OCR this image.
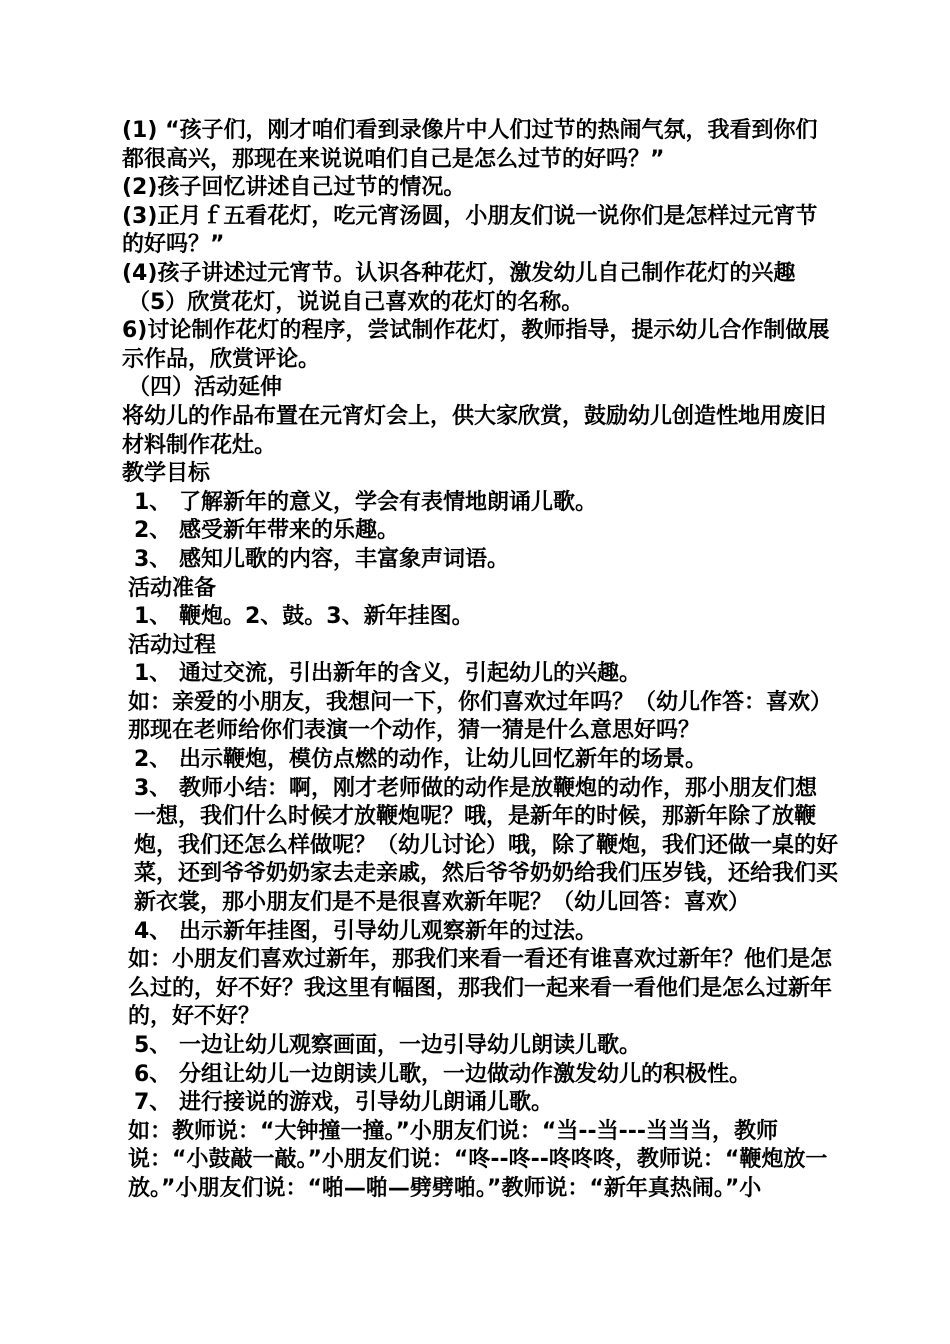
(1) “孩子们，刚才咱们看到录像片中人们过节的热闹气氛，我看到你们都很高兴，那现在来说说咱们自己是怎么过节的好吗？”

(2)孩子回忆讲述自己过节的情况。

(3)正月ｆ五看花灯，吃元宵汤圆，小朋友们说一说你们是怎样过元宵节的好吗？”

(4)孩子讲述过元宵节。认识各种花灯，激发幼儿自己制作花灯的兴趣

（5）欣赏花灯，说说自己喜欢的花灯的名称。

6)讨论制作花灯的程序，尝试制作花灯，教师指导，提示幼儿合作制做展示作品，欣赏评论。

（四）活动延伸

将幼儿的作品布置在元宵灯会上，供大家欣赏，鼓励幼儿创造性地用废旧材料制作花灶。

教学目标

1、 了解新年的意义，学会有表情地朗诵儿歌。

2、 感受新年带来的乐趣。

3、 感知儿歌的内容，丰富象声词语。

活动准备

1、 鞭炮。2、鼓。3、新年挂图。

活动过程

1、 通过交流，引出新年的含义，引起幼儿的兴趣。

如：亲爱的小朋友，我想问一下，你们喜欢过年吗？（幼儿作答：喜欢）那现在老师给你们表演一个动作，猜一猜是什么意思好吗？

2、 出示鞭炮，模仿点燃的动作，让幼儿回忆新年的场景。

3、 教师小结：啊，刚才老师做的动作是放鞭炮的动作，那小朋友们想一想，我们什么时候才放鞭炮呢？哦，是新年的时候，那新年除了放鞭炮，我们还怎么样做呢？（幼儿讨论）哦，除了鞭炮，我们还做一桌的好菜，还到爷爷奶奶家去走亲戚，然后爷爷奶奶给我们压岁钱，还给我们买新衣裳，那小朋友们是不是很喜欢新年呢？（幼儿回答：喜欢）

4、 出示新年挂图，引导幼儿观察新年的过法。

如：小朋友们喜欢过新年，那我们来看一看还有谁喜欢过新年？他们是怎么过的，好不好？我这里有幅图，那我们一起来看一看他们是怎么过新年的，好不好？

5、 一边让幼儿观察画面，一边引导幼儿朗读儿歌。

6、 分组让幼儿一边朗读儿歌，一边做动作激发幼儿的积极性。

7、 进行接说的游戏，引导幼儿朗诵儿歌。

如：教师说：“大钟撞一撞。”小朋友们说：“当--当---当当当，教师说：“小鼓敲一敲。”小朋友们说：“咚--咚--咚咚咚，教师说：“鞭炮放一放。”小朋友们说：“啪—啪—劈劈啪。”教师说：“新年真热闹。”小
